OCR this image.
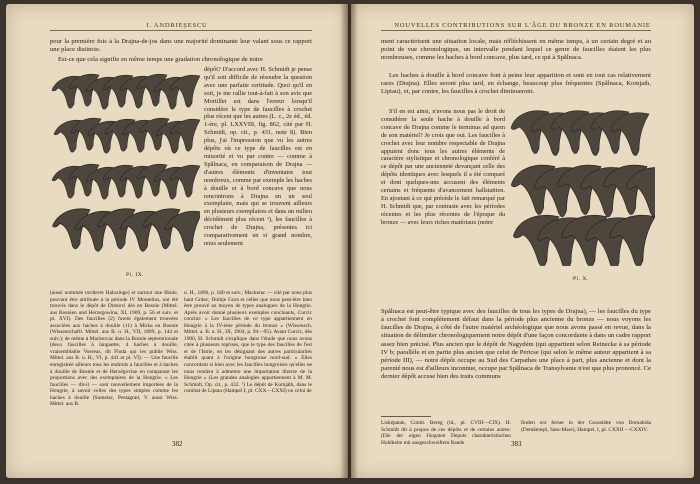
I. ANDRIEȘESCU
pour la première fois à la Drajna-de-jos dans une majorité dominante leur valant sous ce rapport une place distincte.
Est-ce que cela signifie en même temps une gradation chronologique de notre
Pl. IX.
dépôt? D'accord avec H. Schmidt je pense qu'il soit difficile de résoudre la question avec une parfaite certitude. Quoi qu'il en soit, je me rallie tout-à-fait à son avis que Mortillet est dans l'erreur lorsqu'il considère le type de faucilles à crochet plus récent que les autres (L. c., 2e éd., éd. 1-ère, pl. LXXVIII, fig. 862, cité par H. Schmidt, op. cit., p. 431, note 8). Bien plus, j'ai l'impression que vu les autres dépôts où ce type de faucilles est en minorité et vu par contre — comme à Spălnaca, en comparaison de Drajna — d'autres éléments d'inventaire tout nombreux, comme par exemple les haches à douille et à bord concave que nous rencontrons à Drajna en un seul exemplaire, mais qui se trouvent ailleurs en plusieurs exemplaires et dans un milieu décidément plus récent ¹), les faucilles à crochet de Drajna, présentes ici comparativement en si grand nombre, nous seulement
(aussi nommée tordierre Halozinge) et surtout une fibule, pouvant être attribuée à la période IV Montelius, ont été trouvés dans le dépôt de Drenovi dès en Bosnie (Mittel. aus Bosnien und Herzegowina, XI, 1909, p. 56 et suiv. et pl. XVI). Des faucilles (2) furent également trouvées associées aux haches à douille (11) à Mirka en Bosnie (Wissenschaftl. Mittel. aus B. u. H., VII, 1899, p. 144 et suiv.); de même à Mackercac dans la Bosnie septentrionale (deux faucilles à languette, 4 haches à douille, vraisemblable Voereas, dit Fluda qui les publie Wiss. Mittel. aus B. u. H., VI, p. 441 et pl. VI). — Une faucille enregistrée ailleurs tous les endroits à faucilles et à haches à douille de Bosnie et de Herzégovine en comparant les proportions avec des exemplaires de la Hongrie. « Les faucilles — dit-il — sont nouvellement importées de la Hongrie, à savoir celles des types simples comme les haches à douille (Sumetac, Pestagrad, V. aussi Wiss. Mittel. aus B.
u. H., 1896, p. 180 et suiv.; Mackerac — cité par nous plus haut Grdec; Dolnje Gora et celles que nous peut-être bien être prouvé au moyen de types analogues de la Hongrie. Après avoir donné plusieurs exemples concluants, Curcic conclut: « Les faucilles de ce type appartiennent en Hongrie à la IV-ème période du bronze » (Wissensch. Mittel. a. B. u. H., IX, 1904, p. 94—95). Avant Curcic, dès 1900, H. Schmidt s'explique dans l'étude que nous avons citée à plusieurs reprises, que le type des faucilles de l'est et de l'Istrie, en les désignant des autres particularités établit quant à l'origine hongroise nord-sud. « Elles concordent si bien avec les faucilles hongroises qu'elles ne nous rendent à admettre une importation directe de la Hongrie » (Les grandes analogies appartiennent à M. M. Schmidt, Op. cit., p. 432. ¹) Le dépôt de Komjáth, dans le comitat de Liptau (Hampel I, pl. CXX—CXXI) on celui de
382
NOUVELLES CONTRIBUTIONS SUR L'ÂGE DU BRONZE EN ROUMANIE
ment caractérisent une situation locale, mais réfléchissent en même temps, à un certain degré et au point de vue chronologique, un intervalle pendant lequel ce genre de faucilles étaient les plus nombreuses, comme les haches à bord concave, plus tard, ce qui à Spălnaca.
Les haches à douille à bord concave font à peine leur apparition et sont en tout cas relativement rares (Drajna). Elles seront plus tard, en échange, beaucoup plus fréquentes (Spălnaca, Komjath, Liptau), et, par contre, les faucilles à crochet diminueront.
S'il en est ainsi, n'avons nous pas le droit de considérer la seule hache à douille à bord concave de Drajna comme le terminus ad quem de son matériel? Je crois que oui. Les faucilles à crochet avec leur nombre respectable de Drajna appuient donc tous les autres éléments de caractère stylistique et chronologique conféré à ce dépôt par une ancienneté devançant celle des dépôts identiques avec lesquels il a été comparé et dont quelques-uns accusent des éléments certains et fréquents d'avancement hallstattien. En ajoutant à ce qui précède le fait remarqué par H. Schmidt que, par contraste avec les périodes récentes et les plus récentes de l'époque du bronze — avec leurs riches matériaux (notre
Pl. X.
Spălnaca est peut-être typique avec des faucilles de tous les types de Drajna), — les faucilles du type à crochet font complètement défaut dans la période plus ancienne du bronze — nous voyons les faucilles de Drajna, à côté de l'autre matériel archéologique que nous avons passé en revue, dans la situation de délimiter chronologiquement notre dépôt d'une façon concordante à dans un cadre rapport assez bien précisé. Plus ancien que le dépôt de Nagydém (qui appartient selon Reinecke à sa période IV b; parallèle et en partie plus ancien que celui de Pericse (qui selon le même auteur appartient à sa période III), — notre dépôt occupe au Sud des Carpathes une place à part, plus ancienne et dont la parenté nous est d'ailleurs inconnue, occupe par Spălnaca de Transylvanie n'est que plus prononcé. Ce dernier dépôt accuse bien des traits communs
Lisképatak, Comit. Bereg (id., pl. CVIII—CIX). H. Schmidt dit à propos de ces dépôts et de certains autres: (Die der eigen Jüngsten Depots charakteristischen Hohlkelte mit ausgeschweiftem Rande
finden wir ferner in der Gussstätte von Domahida (Demămeşti, Satu-Mare), Hampel, I, pl. CXXII —CXXIV.
383
